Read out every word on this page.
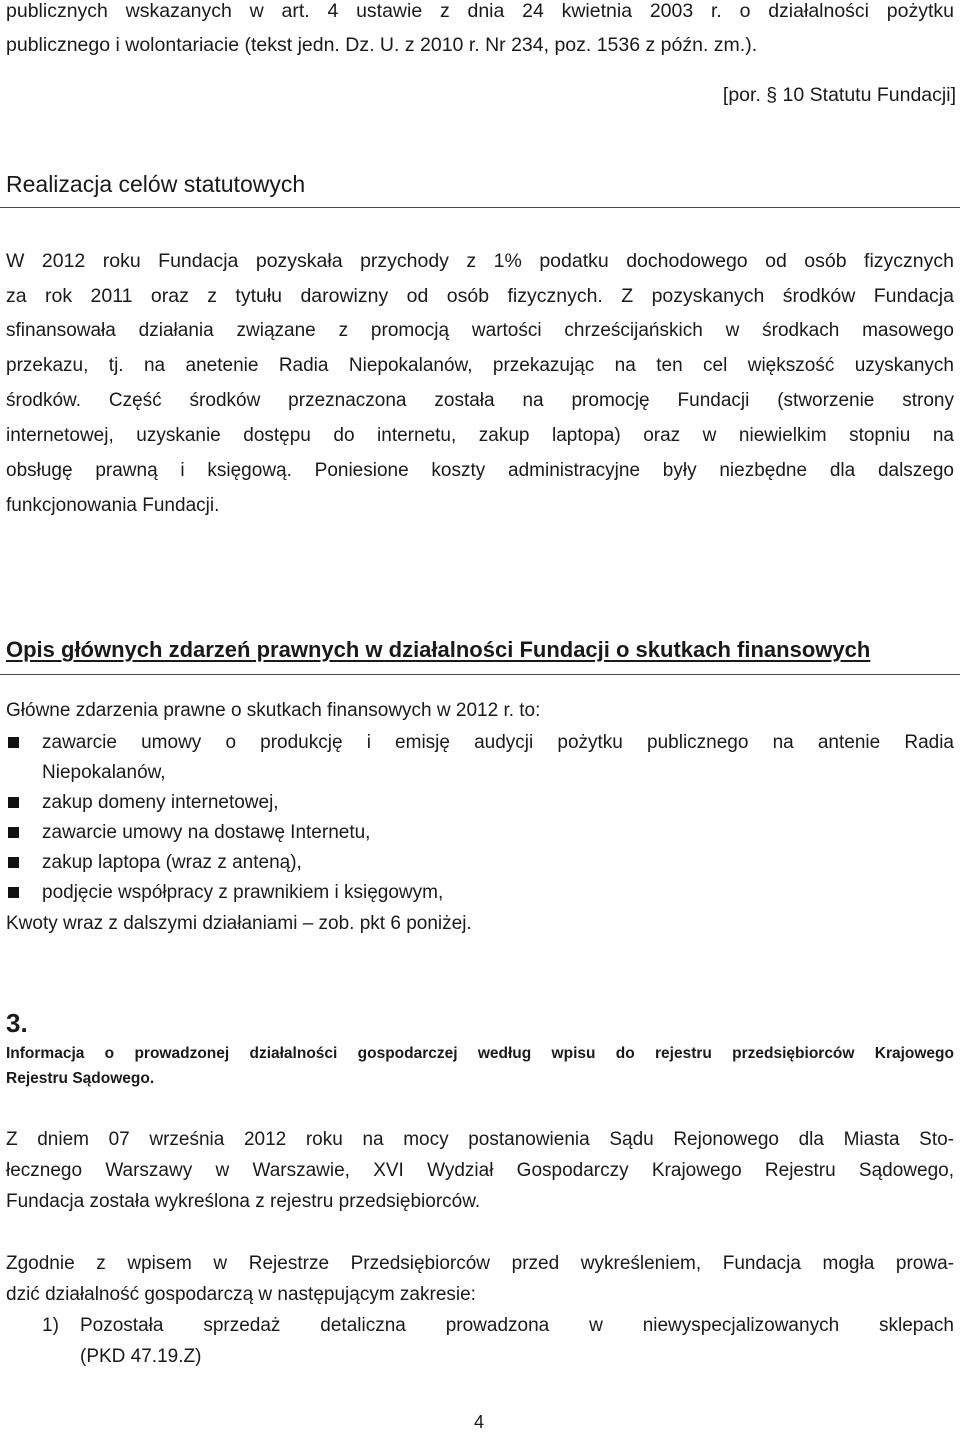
publicznych wskazanych w art. 4 ustawie z dnia 24 kwietnia 2003 r. o działalności pożytku

publicznego i wolontariacie (tekst jedn. Dz. U. z 2010 r. Nr 234, poz. 1536 z późn. zm.).

[por. § 10 Statutu Fundacji]

Realizacja celów statutowych

W 2012 roku Fundacja pozyskała przychody z 1% podatku dochodowego od osób fizycznych

za rok 2011 oraz z tytułu darowizny od osób fizycznych. Z pozyskanych środków Fundacja

sfinansowała działania związane z promocją wartości chrześcijańskich w środkach masowego

przekazu, tj. na anetenie Radia Niepokalanów, przekazując na ten cel większość uzyskanych

środków. Część środków przeznaczona została na promocję Fundacji (stworzenie strony

internetowej, uzyskanie dostępu do internetu, zakup laptopa) oraz w niewielkim stopniu na

obsługę prawną i księgową. Poniesione koszty administracyjne były niezbędne dla dalszego

funkcjonowania Fundacji.

Opis głównych zdarzeń prawnych w działalności Fundacji o skutkach finansowych

Główne zdarzenia prawne o skutkach finansowych w 2012 r. to:

zawarcie umowy o produkcję i emisję audycji pożytku publicznego na antenie Radia

Niepokalanów,

zakup domeny internetowej,

zawarcie umowy na dostawę Internetu,

zakup laptopa (wraz z anteną),

podjęcie współpracy z prawnikiem i księgowym,

Kwoty wraz z dalszymi działaniami – zob. pkt 6 poniżej.

3.

Informacja o prowadzonej działalności gospodarczej według wpisu do rejestru przedsiębiorców Krajowego

Rejestru Sądowego.

Z dniem 07 września 2012 roku na mocy postanowienia Sądu Rejonowego dla Miasta Sto-

łecznego Warszawy w Warszawie, XVI Wydział Gospodarczy Krajowego Rejestru Sądowego,

Fundacja została wykreślona z rejestru przedsiębiorców.

Zgodnie z wpisem w Rejestrze Przedsiębiorców przed wykreśleniem, Fundacja mogła prowa-

dzić działalność gospodarczą w następującym zakresie:

1) Pozostała sprzedaż detaliczna prowadzona w niewyspecjalizowanych sklepach

(PKD 47.19.Z)

4
